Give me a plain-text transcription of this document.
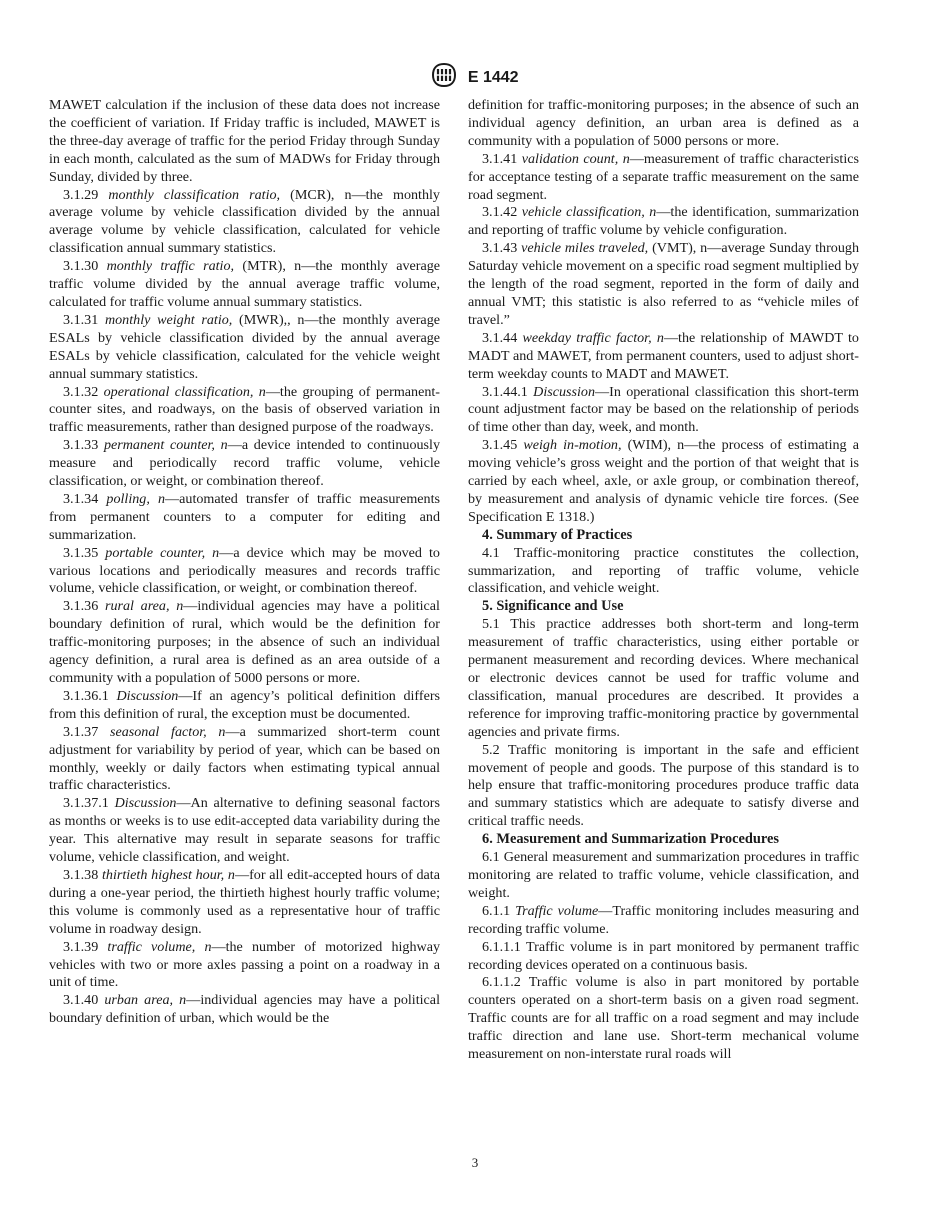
E 1442

MAWET calculation if the inclusion of these data does not increase the coefficient of variation. If Friday traffic is included, MAWET is the three-day average of traffic for the period Friday through Sunday in each month, calculated as the sum of MADWs for Friday through Sunday, divided by three.

3.1.29 monthly classification ratio, (MCR), n—the monthly average volume by vehicle classification divided by the annual average volume by vehicle classification, calculated for vehicle classification annual summary statistics.

3.1.30 monthly traffic ratio, (MTR), n—the monthly average traffic volume divided by the annual average traffic volume, calculated for traffic volume annual summary statistics.

3.1.31 monthly weight ratio, (MWR),, n—the monthly average ESALs by vehicle classification divided by the annual average ESALs by vehicle classification, calculated for the vehicle weight annual summary statistics.

3.1.32 operational classification, n—the grouping of permanent-counter sites, and roadways, on the basis of observed variation in traffic measurements, rather than designed purpose of the roadways.

3.1.33 permanent counter, n—a device intended to continuously measure and periodically record traffic volume, vehicle classification, or weight, or combination thereof.

3.1.34 polling, n—automated transfer of traffic measurements from permanent counters to a computer for editing and summarization.

3.1.35 portable counter, n—a device which may be moved to various locations and periodically measures and records traffic volume, vehicle classification, or weight, or combination thereof.

3.1.36 rural area, n—individual agencies may have a political boundary definition of rural, which would be the definition for traffic-monitoring purposes; in the absence of such an individual agency definition, a rural area is defined as an area outside of a community with a population of 5000 persons or more.

3.1.36.1 Discussion—If an agency’s political definition differs from this definition of rural, the exception must be documented.

3.1.37 seasonal factor, n—a summarized short-term count adjustment for variability by period of year, which can be based on monthly, weekly or daily factors when estimating typical annual traffic characteristics.

3.1.37.1 Discussion—An alternative to defining seasonal factors as months or weeks is to use edit-accepted data variability during the year. This alternative may result in separate seasons for traffic volume, vehicle classification, and weight.

3.1.38 thirtieth highest hour, n—for all edit-accepted hours of data during a one-year period, the thirtieth highest hourly traffic volume; this volume is commonly used as a representative hour of traffic volume in roadway design.

3.1.39 traffic volume, n—the number of motorized highway vehicles with two or more axles passing a point on a roadway in a unit of time.

3.1.40 urban area, n—individual agencies may have a political boundary definition of urban, which would be the

definition for traffic-monitoring purposes; in the absence of such an individual agency definition, an urban area is defined as a community with a population of 5000 persons or more.

3.1.41 validation count, n—measurement of traffic characteristics for acceptance testing of a separate traffic measurement on the same road segment.

3.1.42 vehicle classification, n—the identification, summarization and reporting of traffic volume by vehicle configuration.

3.1.43 vehicle miles traveled, (VMT), n—average Sunday through Saturday vehicle movement on a specific road segment multiplied by the length of the road segment, reported in the form of daily and annual VMT; this statistic is also referred to as “vehicle miles of travel.”

3.1.44 weekday traffic factor, n—the relationship of MAWDT to MADT and MAWET, from permanent counters, used to adjust short-term weekday counts to MADT and MAWET.

3.1.44.1 Discussion—In operational classification this short-term count adjustment factor may be based on the relationship of periods of time other than day, week, and month.

3.1.45 weigh in-motion, (WIM), n—the process of estimating a moving vehicle’s gross weight and the portion of that weight that is carried by each wheel, axle, or axle group, or combination thereof, by measurement and analysis of dynamic vehicle tire forces. (See Specification E 1318.)

4. Summary of Practices

4.1 Traffic-monitoring practice constitutes the collection, summarization, and reporting of traffic volume, vehicle classification, and vehicle weight.

5. Significance and Use

5.1 This practice addresses both short-term and long-term measurement of traffic characteristics, using either portable or permanent measurement and recording devices. Where mechanical or electronic devices cannot be used for traffic volume and classification, manual procedures are described. It provides a reference for improving traffic-monitoring practice by governmental agencies and private firms.

5.2 Traffic monitoring is important in the safe and efficient movement of people and goods. The purpose of this standard is to help ensure that traffic-monitoring procedures produce traffic data and summary statistics which are adequate to satisfy diverse and critical traffic needs.

6. Measurement and Summarization Procedures

6.1 General measurement and summarization procedures in traffic monitoring are related to traffic volume, vehicle classification, and weight.

6.1.1 Traffic volume—Traffic monitoring includes measuring and recording traffic volume.

6.1.1.1 Traffic volume is in part monitored by permanent traffic recording devices operated on a continuous basis.

6.1.1.2 Traffic volume is also in part monitored by portable counters operated on a short-term basis on a given road segment. Traffic counts are for all traffic on a road segment and may include traffic direction and lane use. Short-term mechanical volume measurement on non-interstate rural roads will

3
